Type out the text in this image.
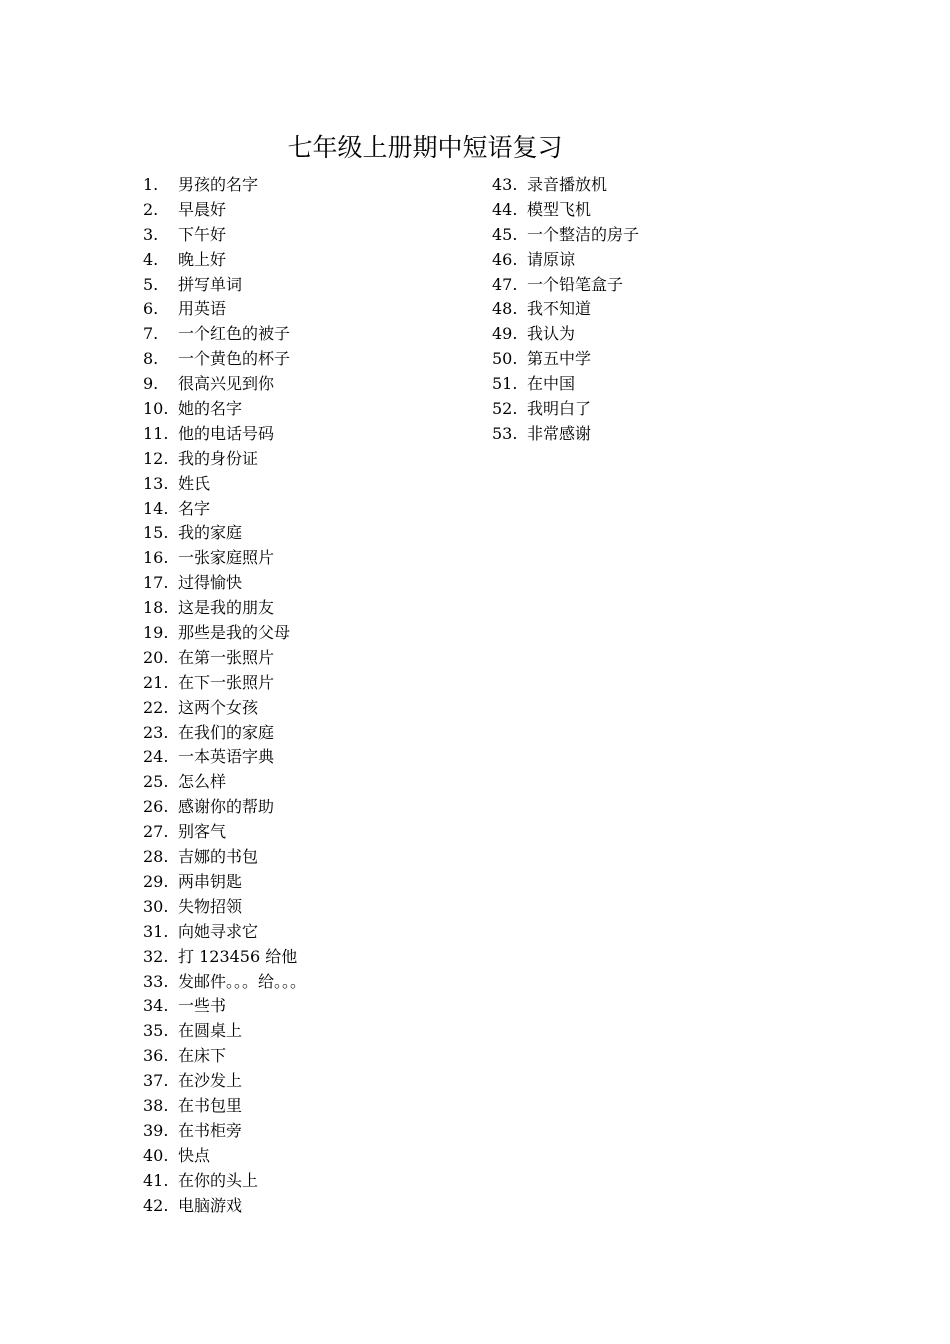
七年级上册期中短语复习
1.	男孩的名字
2.	早晨好
3.	下午好
4.	晚上好
5.	拼写单词
6.	用英语
7.	一个红色的被子
8.	一个黄色的杯子
9.	很高兴见到你
10. 她的名字
11. 他的电话号码
12. 我的身份证
13. 姓氏
14. 名字
15. 我的家庭
16. 一张家庭照片
17. 过得愉快
18. 这是我的朋友
19. 那些是我的父母
20. 在第一张照片
21. 在下一张照片
22. 这两个女孩
23. 在我们的家庭
24. 一本英语字典
25. 怎么样
26. 感谢你的帮助
27. 别客气
28. 吉娜的书包
29. 两串钥匙
30. 失物招领
31. 向她寻求它
32. 打 123456 给他
33. 发邮件。。。给。。。
34. 一些书
35. 在圆桌上
36. 在床下
37. 在沙发上
38. 在书包里
39. 在书柜旁
40. 快点
41. 在你的头上
42. 电脑游戏
43. 录音播放机
44. 模型飞机
45. 一个整洁的房子
46. 请原谅
47. 一个铅笔盒子
48. 我不知道
49. 我认为
50. 第五中学
51. 在中国
52. 我明白了
53. 非常感谢
